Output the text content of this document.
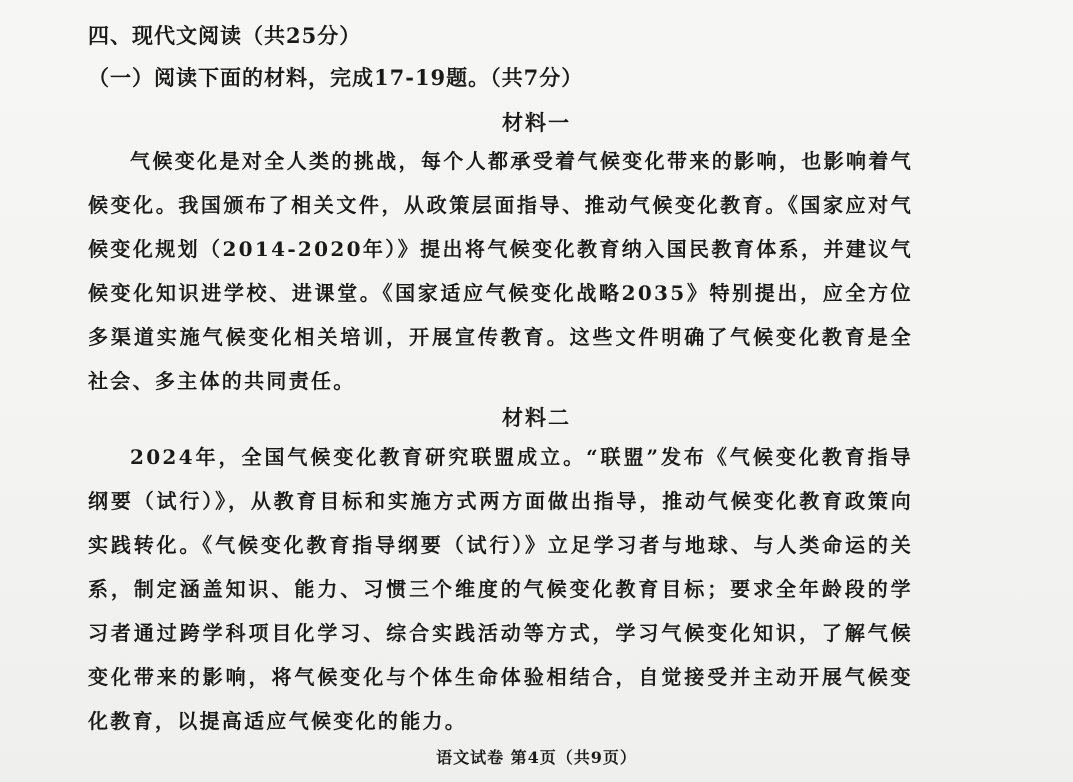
四、现代文阅读（共25分）
（一）阅读下面的材料，完成17-19题。（共7分）
材料一
气候变化是对全人类的挑战，每个人都承受着气候变化带来的影响，也影响着气候变化。我国颁布了相关文件，从政策层面指导、推动气候变化教育。《国家应对气候变化规划（2014-2020年）》提出将气候变化教育纳入国民教育体系，并建议气候变化知识进学校、进课堂。《国家适应气候变化战略2035》特别提出，应全方位多渠道实施气候变化相关培训，开展宣传教育。这些文件明确了气候变化教育是全社会、多主体的共同责任。
材料二
2024年，全国气候变化教育研究联盟成立。“联盟”发布《气候变化教育指导纲要（试行）》，从教育目标和实施方式两方面做出指导，推动气候变化教育政策向实践转化。《气候变化教育指导纲要（试行）》立足学习者与地球、与人类命运的关系，制定涵盖知识、能力、习惯三个维度的气候变化教育目标；要求全年龄段的学习者通过跨学科项目化学习、综合实践活动等方式，学习气候变化知识，了解气候变化带来的影响，将气候变化与个体生命体验相结合，自觉接受并主动开展气候变化教育，以提高适应气候变化的能力。
语文试卷 第4页（共9页）
